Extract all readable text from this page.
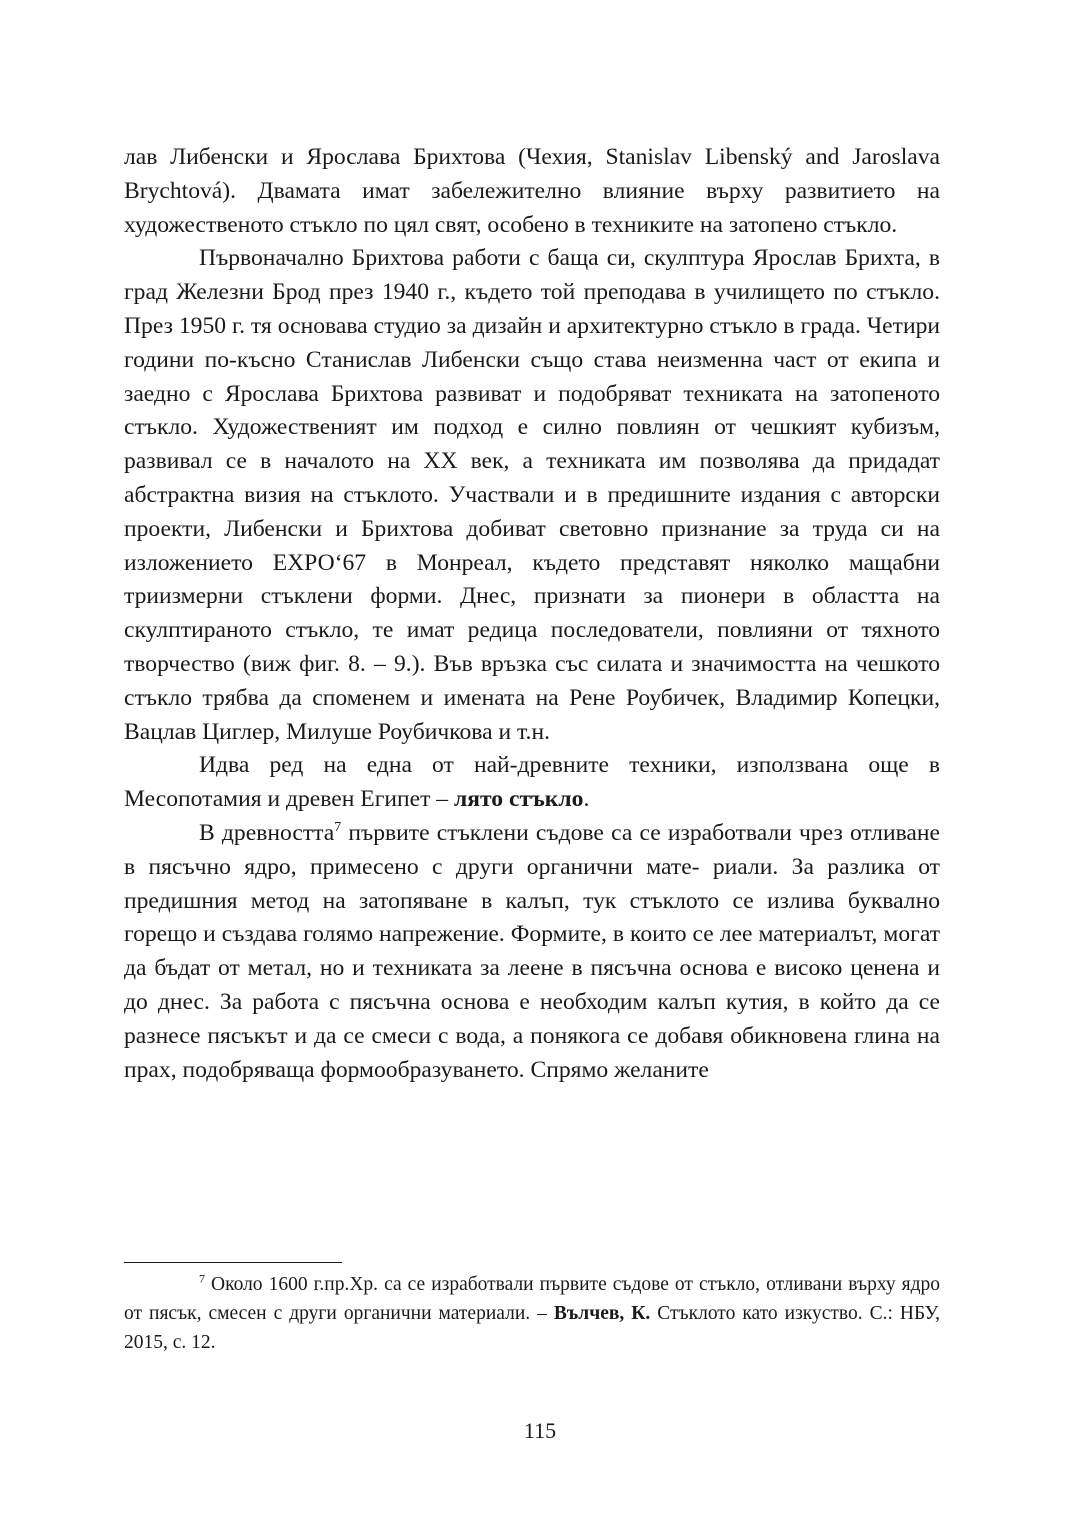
лав Либенски и Ярослава Брихтова (Чехия, Stanislav Libenský and Jaroslava Brychtová). Двамата имат забележително влияние върху развитието на художественото стъкло по цял свят, особено в техниките на затопено стъкло.

Първоначално Брихтова работи с баща си, скулптура Ярослав Брихта, в град Железни Брод през 1940 г., където той преподава в училището по стъкло. През 1950 г. тя основава студио за дизайн и архитектурно стъкло в града. Четири години по-късно Станислав Либенски също става неизменна част от екипа и заедно с Ярослава Брихтова развиват и подобряват техниката на затопеното стъкло. Художественият им подход е силно повлиян от чешкият кубизъм, развивал се в началото на ХХ век, а техниката им позволява да придадат абстрактна визия на стъклото. Участвали и в предишните издания с авторски проекти, Либенски и Брихтова добиват световно признание за труда си на изложението ЕХРО‘67 в Монреал, където представят няколко мащабни триизмерни стъклени форми. Днес, признати за пионери в областта на скулптираното стъкло, те имат редица последователи, повлияни от тяхното творчество (виж фиг. 8. – 9.). Във връзка със силата и значимостта на чешкото стъкло трябва да споменем и имената на Рене Роубичек, Владимир Копецки, Вацлав Циглер, Милуше Роубичкова и т.н.

Идва ред на една от най-древните техники, използвана още в Месопотамия и древен Египет – лято стъкло.

В древността$^7$ първите стъклени съдове са се изработвали чрез отливане в пясъчно ядро, примесено с други органични мате- риали. За разлика от предишния метод на затопяване в калъп, тук стъклото се излива буквално горещо и създава голямо напрежение. Формите, в които се лее материалът, могат да бъдат от метал, но и техниката за леене в пясъчна основа е високо ценена и до днес. За работа с пясъчна основа е необходим калъп кутия, в който да се разнесе пясъкът и да се смеси с вода, а понякога се добавя обикновена глина на прах, подобряваща формообразуването. Спрямо желаните

$^7$ Около 1600 г.пр.Хр. са се изработвали първите съдове от стъкло, отливани върху ядро от пясък, смесен с други органични материали. – Вълчев, К. Стъклото като изкуство. С.: НБУ, 2015, с. 12.

115
